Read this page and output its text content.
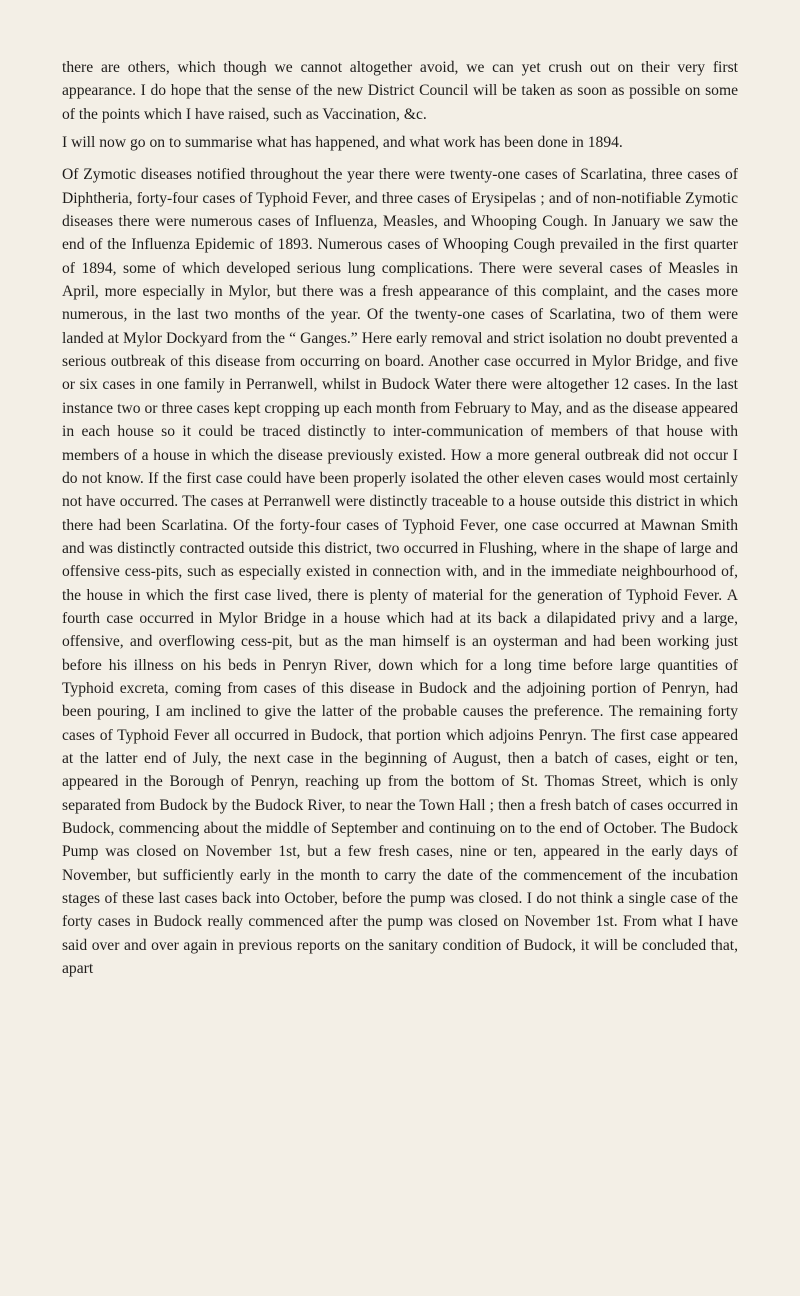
there are others, which though we cannot altogether avoid, we can yet crush out on their very first appearance. I do hope that the sense of the new District Council will be taken as soon as possible on some of the points which I have raised, such as Vaccination, &c.

I will now go on to summarise what has happened, and what work has been done in 1894.

Of Zymotic diseases notified throughout the year there were twenty-one cases of Scarlatina, three cases of Diphtheria, forty-four cases of Typhoid Fever, and three cases of Erysipelas ; and of non-notifiable Zymotic diseases there were numerous cases of Influenza, Measles, and Whooping Cough. In January we saw the end of the Influenza Epidemic of 1893. Numerous cases of Whooping Cough prevailed in the first quarter of 1894, some of which developed serious lung complications. There were several cases of Measles in April, more especially in Mylor, but there was a fresh appearance of this complaint, and the cases more numerous, in the last two months of the year. Of the twenty-one cases of Scarlatina, two of them were landed at Mylor Dockyard from the “ Ganges.” Here early removal and strict isolation no doubt prevented a serious outbreak of this disease from occurring on board. Another case occurred in Mylor Bridge, and five or six cases in one family in Perranwell, whilst in Budock Water there were altogether 12 cases. In the last instance two or three cases kept cropping up each month from February to May, and as the disease appeared in each house so it could be traced distinctly to inter-communication of members of that house with members of a house in which the disease previously existed. How a more general outbreak did not occur I do not know. If the first case could have been properly isolated the other eleven cases would most certainly not have occurred. The cases at Perranwell were distinctly traceable to a house outside this district in which there had been Scarlatina. Of the forty-four cases of Typhoid Fever, one case occurred at Mawnan Smith and was distinctly contracted outside this district, two occurred in Flushing, where in the shape of large and offensive cess-pits, such as especially existed in connection with, and in the immediate neighbourhood of, the house in which the first case lived, there is plenty of material for the generation of Typhoid Fever. A fourth case occurred in Mylor Bridge in a house which had at its back a dilapidated privy and a large, offensive, and overflowing cess-pit, but as the man himself is an oysterman and had been working just before his illness on his beds in Penryn River, down which for a long time before large quantities of Typhoid excreta, coming from cases of this disease in Budock and the adjoining portion of Penryn, had been pouring, I am inclined to give the latter of the probable causes the preference. The remaining forty cases of Typhoid Fever all occurred in Budock, that portion which adjoins Penryn. The first case appeared at the latter end of July, the next case in the beginning of August, then a batch of cases, eight or ten, appeared in the Borough of Penryn, reaching up from the bottom of St. Thomas Street, which is only separated from Budock by the Budock River, to near the Town Hall ; then a fresh batch of cases occurred in Budock, commencing about the middle of September and continuing on to the end of October. The Budock Pump was closed on November 1st, but a few fresh cases, nine or ten, appeared in the early days of November, but sufficiently early in the month to carry the date of the commencement of the incubation stages of these last cases back into October, before the pump was closed. I do not think a single case of the forty cases in Budock really commenced after the pump was closed on November 1st. From what I have said over and over again in previous reports on the sanitary condition of Budock, it will be concluded that, apart
